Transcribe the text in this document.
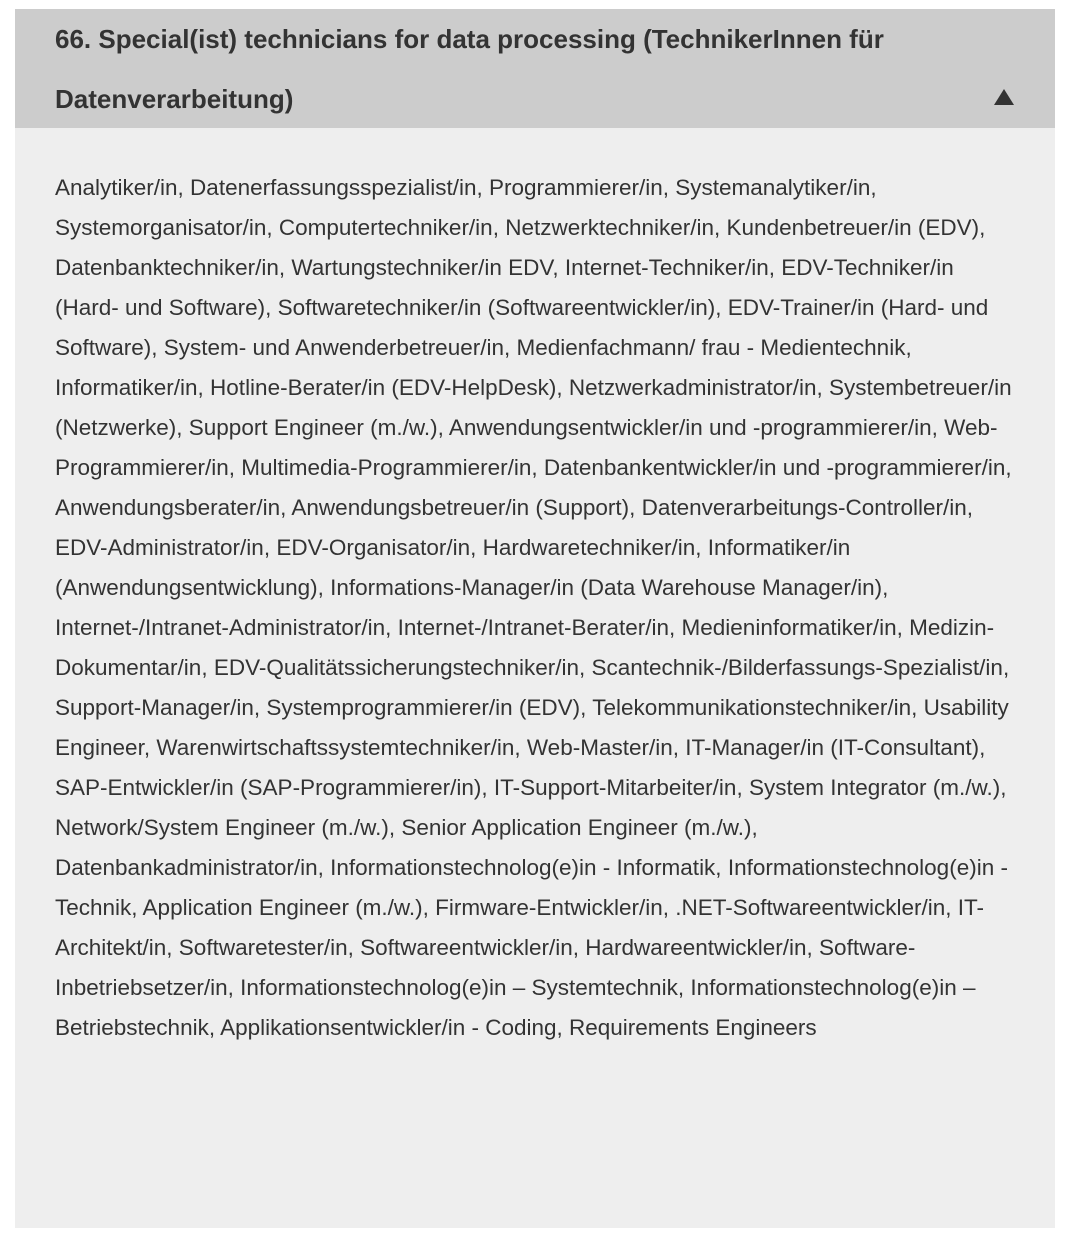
66. Special(ist) technicians for data processing (TechnikerInnen für Datenverarbeitung)

Analytiker/in, Datenerfassungsspezialist/in, Programmierer/in, Systemanalytiker/in, Systemorganisator/in, Computertechniker/in, Netzwerktechniker/in, Kundenbetreuer/in (EDV), Datenbanktechniker/in, Wartungstechniker/in EDV, Internet-Techniker/in, EDV-Techniker/in (Hard- und Software), Softwaretechniker/in (Softwareentwickler/in), EDV-Trainer/in (Hard- und Software), System- und Anwenderbetreuer/in, Medienfachmann/ frau - Medientechnik, Informatiker/in, Hotline-Berater/in (EDV-HelpDesk), Netzwerkadministrator/in, Systembetreuer/in (Netzwerke), Support Engineer (m./w.), Anwendungsentwickler/in und -programmierer/in, Web-Programmierer/in, Multimedia-Programmierer/in, Datenbankentwickler/in und -programmierer/in, Anwendungsberater/in, Anwendungsbetreuer/in (Support), Datenverarbeitungs-Controller/in, EDV-Administrator/in, EDV-Organisator/in, Hardwaretechniker/in, Informatiker/in (Anwendungsentwicklung), Informations-Manager/in (Data Warehouse Manager/in), Internet-/Intranet-Administrator/in, Internet-/Intranet-Berater/in, Medieninformatiker/in, Medizin-Dokumentar/in, EDV-Qualitätssicherungstechniker/in, Scantechnik-/Bilderfassungs-Spezialist/in, Support-Manager/in, Systemprogrammierer/in (EDV), Telekommunikationstechniker/in, Usability Engineer, Warenwirtschaftssystemtechniker/in, Web-Master/in, IT-Manager/in (IT-Consultant), SAP-Entwickler/in (SAP-Programmierer/in), IT-Support-Mitarbeiter/in, System Integrator (m./w.), Network/System Engineer (m./w.), Senior Application Engineer (m./w.), Datenbankadministrator/in, Informationstechnolog(e)in - Informatik, Informationstechnolog(e)in - Technik, Application Engineer (m./w.), Firmware-Entwickler/in, .NET-Softwareentwickler/in, IT-Architekt/in, Softwaretester/in, Softwareentwickler/in, Hardwareentwickler/in, Software-Inbetriebsetzer/in, Informationstechnolog(e)in – Systemtechnik, Informationstechnolog(e)in – Betriebstechnik, Applikationsentwickler/in - Coding, Requirements Engineers
